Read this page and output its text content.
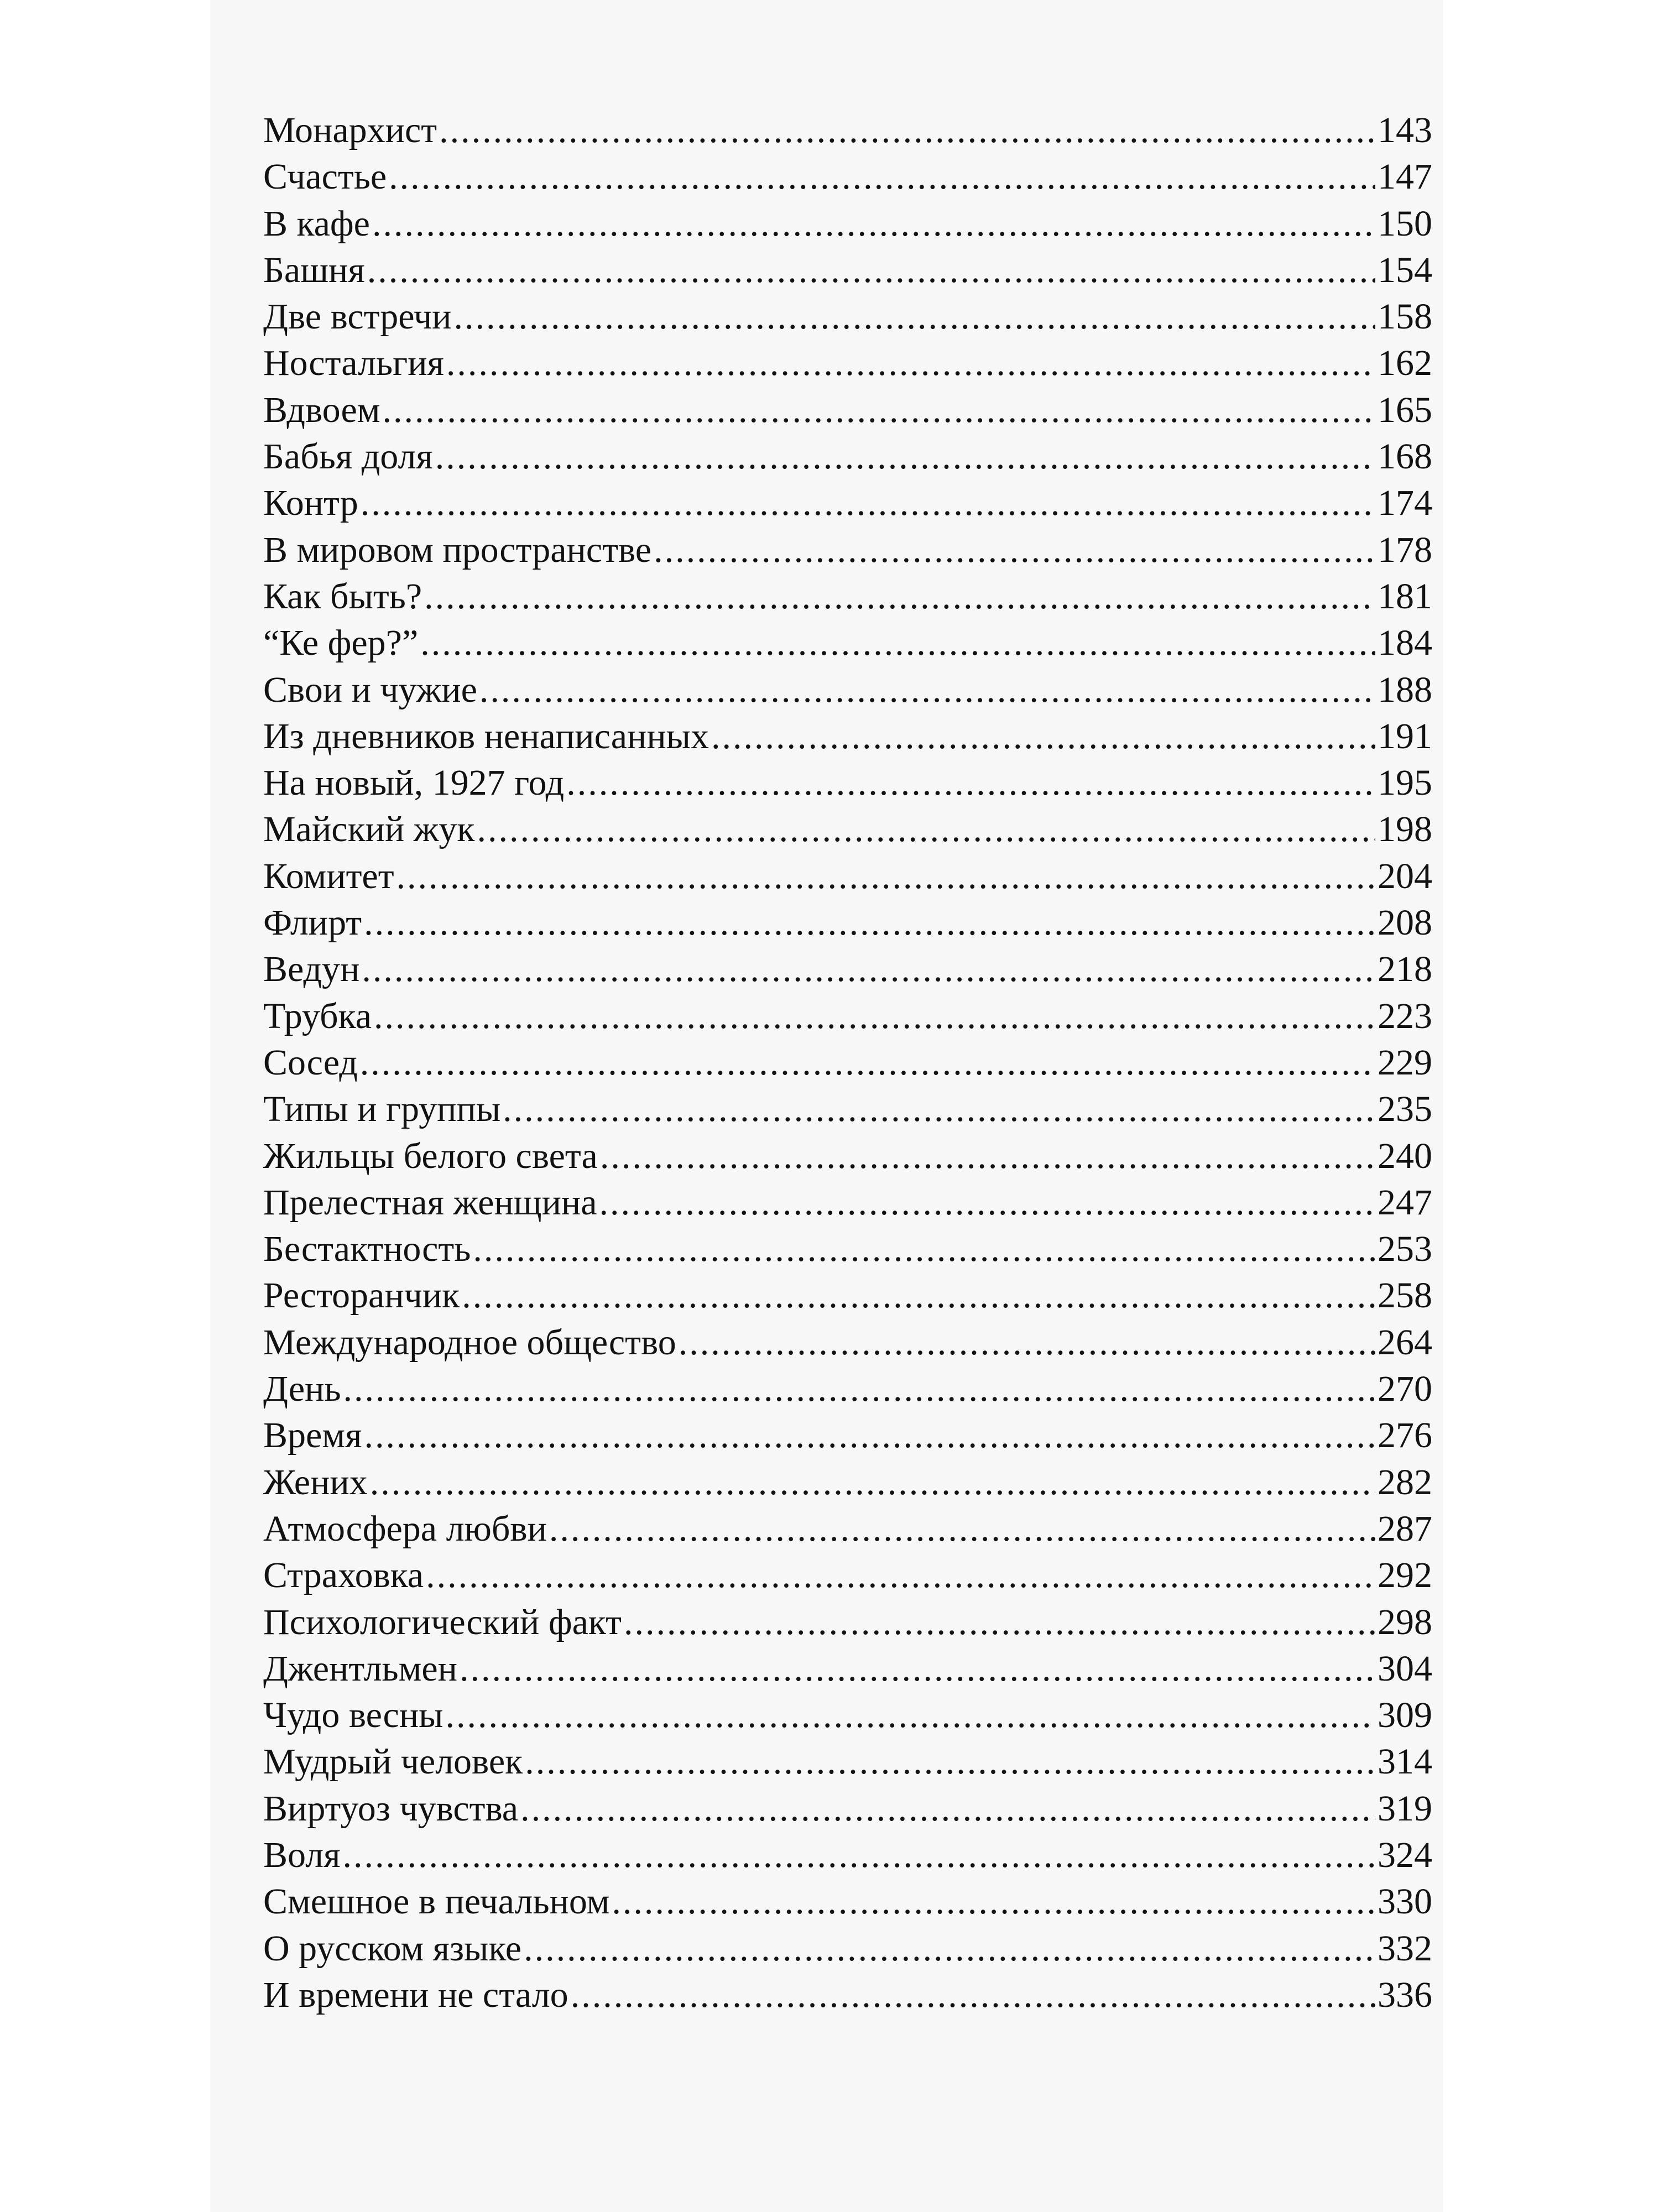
Монархист .....	143
Счастье .....	147
В кафе .....	150
Башня .....	154
Две встречи .....	158
Ностальгия .....	162
Вдвоем .....	165
Бабья доля .....	168
Контр .....	174
В мировом пространстве .....	178
Как быть? .....	181
“Ке фер?” .....	184
Свои и чужие .....	188
Из дневников ненаписанных .....	191
На новый, 1927 год .....	195
Майский жук .....	198
Комитет .....	204
Флирт .....	208
Ведун .....	218
Трубка .....	223
Сосед .....	229
Типы и группы .....	235
Жильцы белого света .....	240
Прелестная женщина .....	247
Бестактность .....	253
Ресторанчик .....	258
Международное общество .....	264
День .....	270
Время .....	276
Жених .....	282
Атмосфера любви .....	287
Страховка .....	292
Психологический факт .....	298
Джентльмен .....	304
Чудо весны .....	309
Мудрый человек .....	314
Виртуоз чувства .....	319
Воля .....	324
Смешное в печальном .....	330
О русском языке .....	332
И времени не стало .....	336
